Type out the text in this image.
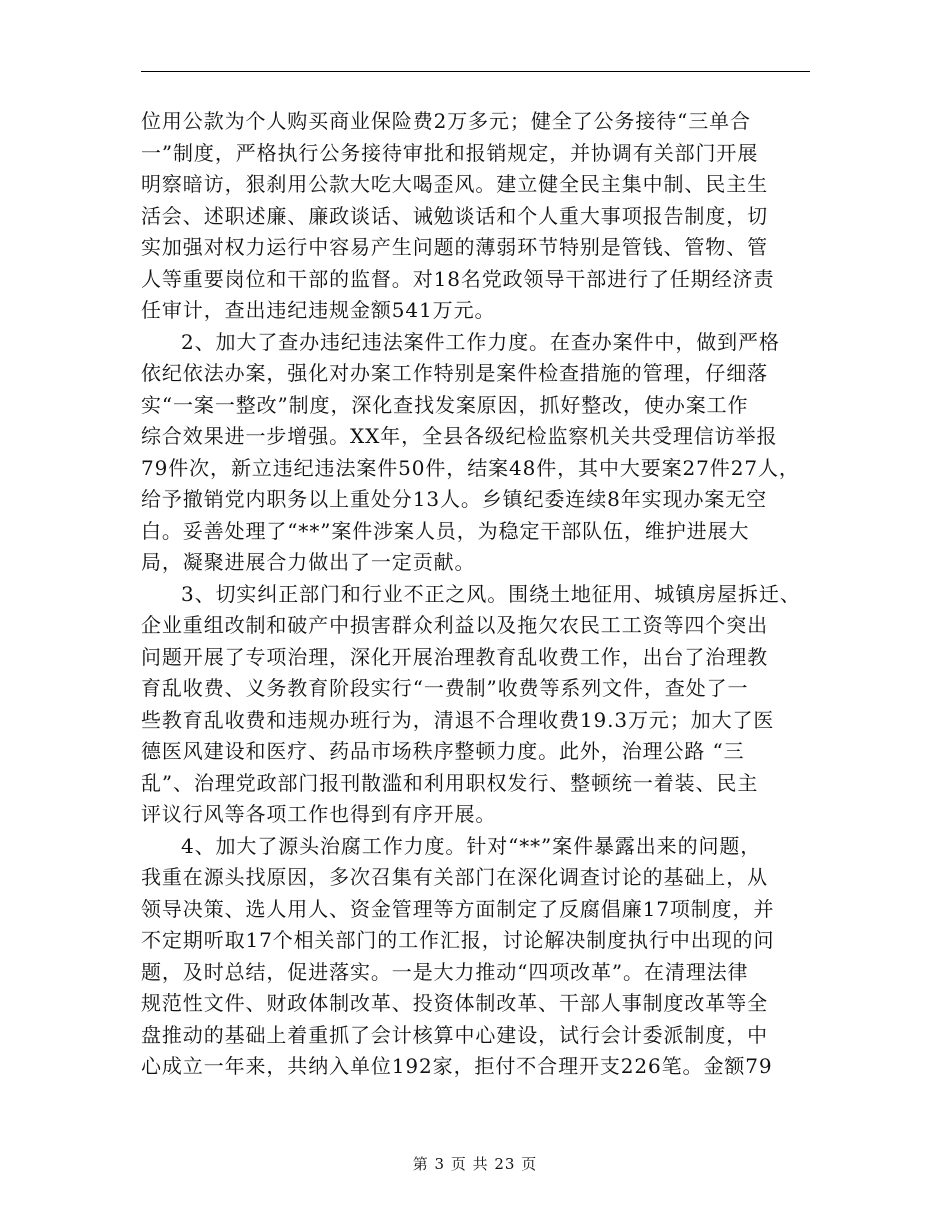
位用公款为个人购买商业保险费2万多元；健全了公务接待“三单合
一”制度，严格执行公务接待审批和报销规定，并协调有关部门开展
明察暗访，狠刹用公款大吃大喝歪风。建立健全民主集中制、民主生
活会、述职述廉、廉政谈话、诫勉谈话和个人重大事项报告制度，切
实加强对权力运行中容易产生问题的薄弱环节特别是管钱、管物、管
人等重要岗位和干部的监督。对18名党政领导干部进行了任期经济责
任审计，查出违纪违规金额541万元。
2、加大了查办违纪违法案件工作力度。在查办案件中，做到严格
依纪依法办案，强化对办案工作特别是案件检查措施的管理，仔细落
实“一案一整改”制度，深化查找发案原因，抓好整改，使办案工作
综合效果进一步增强。XX年，全县各级纪检监察机关共受理信访举报
79件次，新立违纪违法案件50件，结案48件，其中大要案27件27人，
给予撤销党内职务以上重处分13人。乡镇纪委连续8年实现办案无空
白。妥善处理了“**”案件涉案人员，为稳定干部队伍，维护进展大
局，凝聚进展合力做出了一定贡献。
3、切实纠正部门和行业不正之风。围绕土地征用、城镇房屋拆迁、
企业重组改制和破产中损害群众利益以及拖欠农民工工资等四个突出
问题开展了专项治理，深化开展治理教育乱收费工作，出台了治理教
育乱收费、义务教育阶段实行“一费制”收费等系列文件，查处了一
些教育乱收费和违规办班行为，清退不合理收费19.3万元；加大了医
德医风建设和医疗、药品市场秩序整顿力度。此外，治理公路 “三
乱”、治理党政部门报刊散滥和利用职权发行、整顿统一着装、民主
评议行风等各项工作也得到有序开展。
4、加大了源头治腐工作力度。针对“**”案件暴露出来的问题，
我重在源头找原因，多次召集有关部门在深化调查讨论的基础上，从
领导决策、选人用人、资金管理等方面制定了反腐倡廉17项制度，并
不定期听取17个相关部门的工作汇报，讨论解决制度执行中出现的问
题，及时总结，促进落实。一是大力推动“四项改革”。在清理法律
规范性文件、财政体制改革、投资体制改革、干部人事制度改革等全
盘推动的基础上着重抓了会计核算中心建设，试行会计委派制度，中
心成立一年来，共纳入单位192家，拒付不合理开支226笔。金额79
第 3 页 共 23 页
